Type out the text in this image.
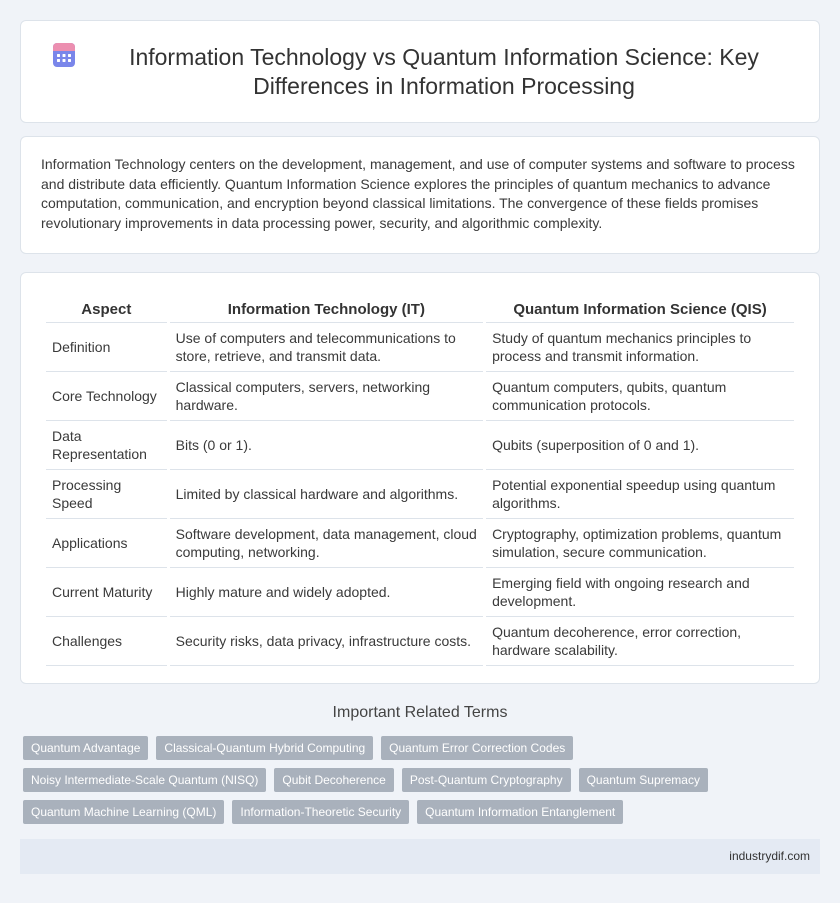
Information Technology vs Quantum Information Science: Key Differences in Information Processing

Information Technology centers on the development, management, and use of computer systems and software to process and distribute data efficiently. Quantum Information Science explores the principles of quantum mechanics to advance computation, communication, and encryption beyond classical limitations. The convergence of these fields promises revolutionary improvements in data processing power, security, and algorithmic complexity.

Aspect	Information Technology (IT)	Quantum Information Science (QIS)
Definition	Use of computers and telecommunications to store, retrieve, and transmit data.	Study of quantum mechanics principles to process and transmit information.
Core Technology	Classical computers, servers, networking hardware.	Quantum computers, qubits, quantum communication protocols.
Data Representation	Bits (0 or 1).	Qubits (superposition of 0 and 1).
Processing Speed	Limited by classical hardware and algorithms.	Potential exponential speedup using quantum algorithms.
Applications	Software development, data management, cloud computing, networking.	Cryptography, optimization problems, quantum simulation, secure communication.
Current Maturity	Highly mature and widely adopted.	Emerging field with ongoing research and development.
Challenges	Security risks, data privacy, infrastructure costs.	Quantum decoherence, error correction, hardware scalability.
Important Related Terms
Quantum Advantage	Classical-Quantum Hybrid Computing	Quantum Error Correction Codes
Noisy Intermediate-Scale Quantum (NISQ)	Qubit Decoherence	Post-Quantum Cryptography	Quantum Supremacy
Quantum Machine Learning (QML)	Information-Theoretic Security	Quantum Information Entanglement
industrydif.com
